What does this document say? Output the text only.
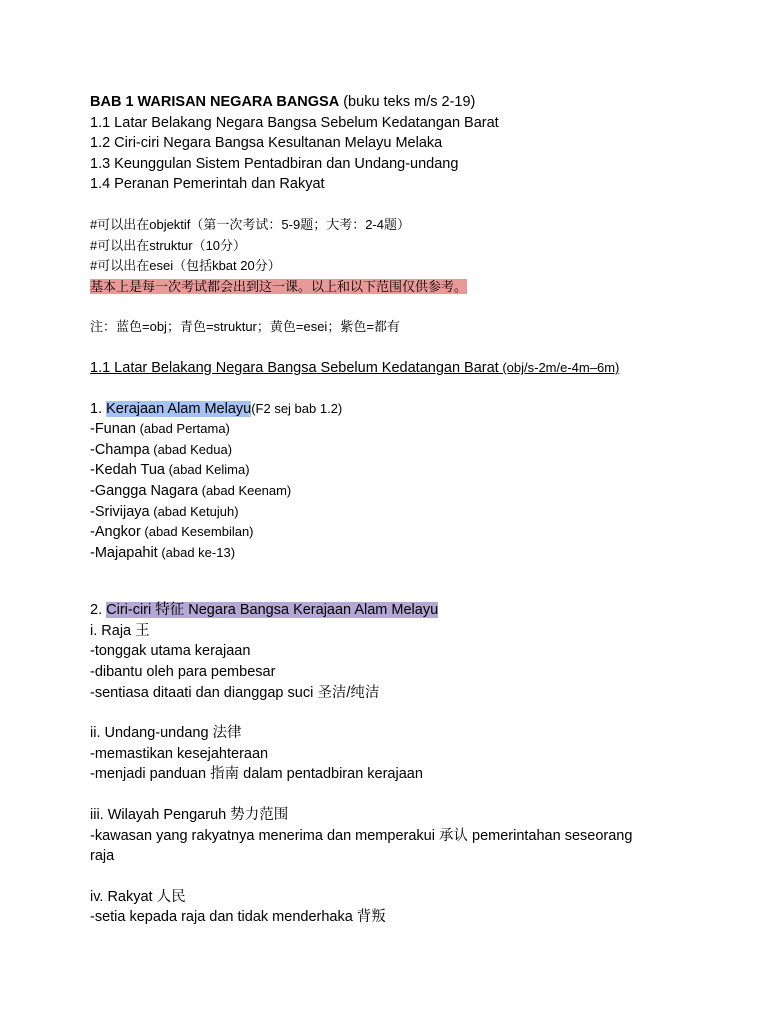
BAB 1 WARISAN NEGARA BANGSA (buku teks m/s 2-19)

1.1 Latar Belakang Negara Bangsa Sebelum Kedatangan Barat

1.2 Ciri-ciri Negara Bangsa Kesultanan Melayu Melaka

1.3 Keunggulan Sistem Pentadbiran dan Undang-undang

1.4 Peranan Pemerintah dan Rakyat

#可以出在objektif（第一次考试：5-9题；大考：2-4题）

#可以出在struktur（10分）

#可以出在esei（包括kbat 20分）

基本上是每一次考试都会出到这一课。以上和以下范围仅供参考。

注：蓝色=obj；青色=struktur；黄色=esei；紫色=都有

1.1 Latar Belakang Negara Bangsa Sebelum Kedatangan Barat (obj/s-2m/e-4m–6m)

1. Kerajaan Alam Melayu(F2 sej bab 1.2)

-Funan (abad Pertama)

-Champa (abad Kedua)

-Kedah Tua (abad Kelima)

-Gangga Nagara (abad Keenam)

-Srivijaya (abad Ketujuh)

-Angkor (abad Kesembilan)

-Majapahit (abad ke-13)

2. Ciri-ciri 特征 Negara Bangsa Kerajaan Alam Melayu

i. Raja 王

-tonggak utama kerajaan

-dibantu oleh para pembesar

-sentiasa ditaati dan dianggap suci 圣洁/纯洁

ii. Undang-undang 法律

-memastikan kesejahteraan

-menjadi panduan 指南 dalam pentadbiran kerajaan

iii. Wilayah Pengaruh 势力范围

-kawasan yang rakyatnya menerima dan memperakui 承认 pemerintahan seseorang raja

iv. Rakyat 人民

-setia kepada raja dan tidak menderhaka 背叛
